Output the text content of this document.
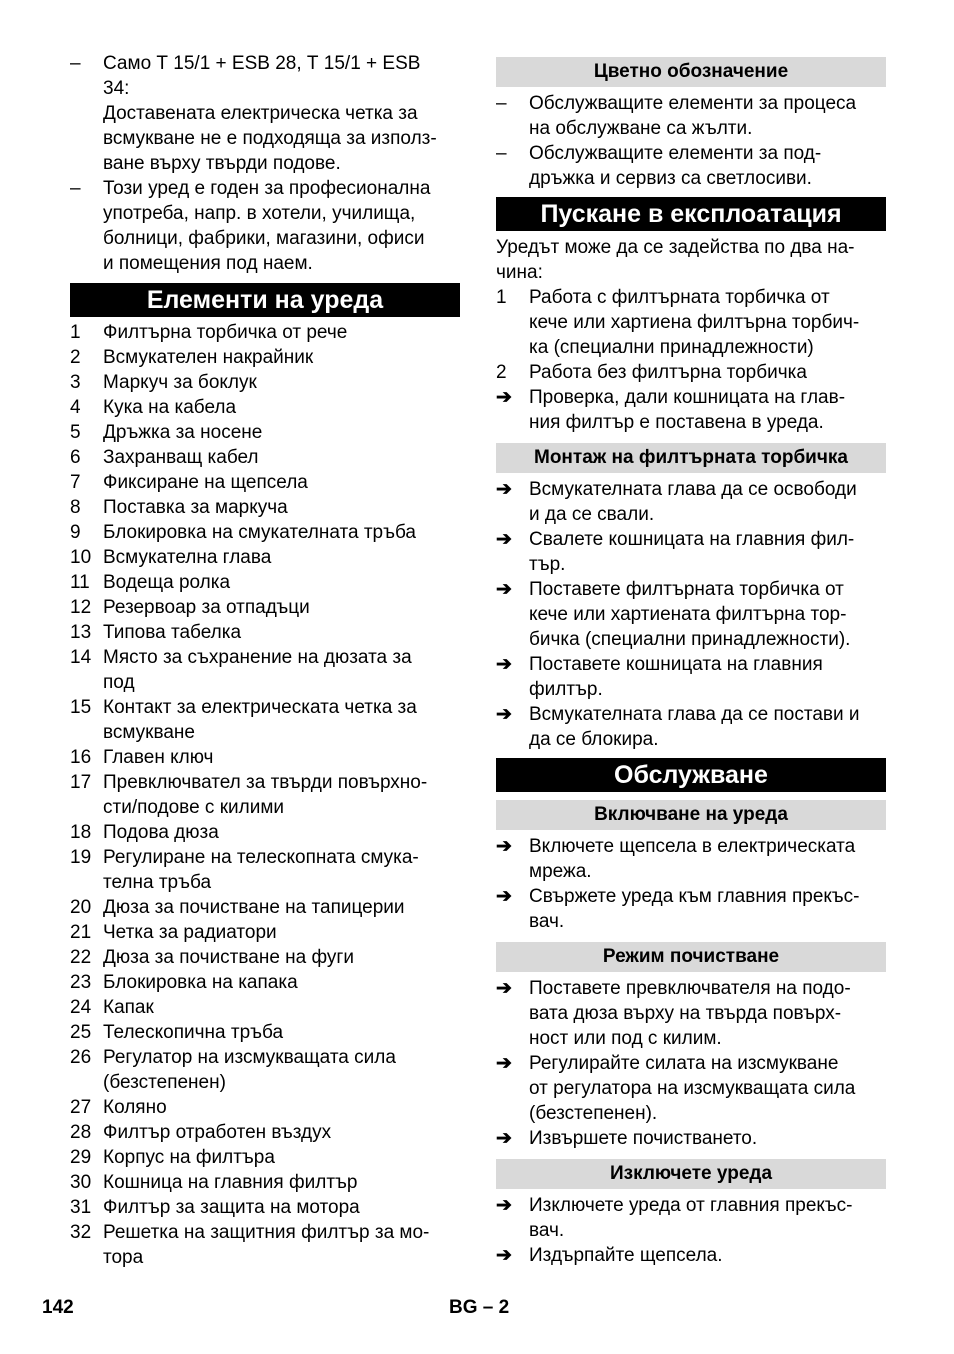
–	Само Т 15/1 + ESB 28, Т 15/1 + ESB
34:
Доставената електрическа четка за
всмукване не е подходяща за използ-
ване върху твърди подове.
–	Този уред е годен за професионална
употреба, напр. в хотели, училища,
болници, фабрики, магазини, офиси
и помещения под наем.
Елементи на уреда
1	Филтърна торбичка от рече
2	Всмукателен накрайник
3	Маркуч за боклук
4	Кука на кабела
5	Дръжка за носене
6	Захранващ кабел
7	Фиксиране на щепсела
8	Поставка за маркуча
9	Блокировка на смукателната тръба
10 Всмукателна глава
11 Водеща ролка
12 Резервоар за отпадъци
13 Типова табелка
14 Място за съхранение на дюзата за
под
15 Контакт за електрическата четка за
всмукване
16 Главен ключ
17 Превключвател за твърди повърхно-
сти/подове с килими
18 Подова дюза
19 Регулиране на телескопната смука-
телна тръба
20 Дюза за почистване на тапицерии
21 Четка за радиатори
22 Дюза за почистване на фуги
23 Блокировка на капака
24 Капак
25 Телескопична тръба
26 Регулатор на изсмукващата сила
(безстепенен)
27 Коляно
28 Филтър отработен въздух
29 Корпус на филтъра
30 Кошница на главния филтър
31 Филтър за защита на мотора
32 Решетка на защитния филтър за мо-
тора
Цветно обозначение
–	Обслужващите елементи за процеса
на обслужване са жълти.
–	Обслужващите елементи за под-
дръжка и сервиз са светлосиви.
Пускане в експлоатация
Уредът може да се задейства по два на-
чина:
1	Работа с филтърната торбичка от
кече или хартиена филтърна торбич-
ка (специални принадлежности)
2	Работа без филтърна торбичка
➔ Проверка, дали кошницата на глав-
ния филтър е поставена в уреда.
Монтаж на филтърната торбичка
➔ Всмукателната глава да се освободи
и да се свали.
➔ Свалете кошницата на главния фил-
тър.
➔ Поставете филтърната торбичка от
кече или хартиената филтърна тор-
бичка (специални принадлежности).
➔ Поставете кошницата на главния
филтър.
➔ Всмукателната глава да се постави и
да се блокира.
Обслужване
Включване на уреда
➔ Включете щепсела в електрическата
мрежа.
➔ Свържете уреда към главния прекъс-
вач.
Режим почистване
➔ Поставете превключвателя на подо-
вата дюза върху на твърда повърх-
ност или под с килим.
➔ Регулирайте силата на изсмукване
от регулатора на изсмукващата сила
(безстепенен).
➔ Извършете почистването.
Изключете уреда
➔ Изключете уреда от главния прекъс-
вач.
➔ Издърпайте щепсела.
142	BG – 2
